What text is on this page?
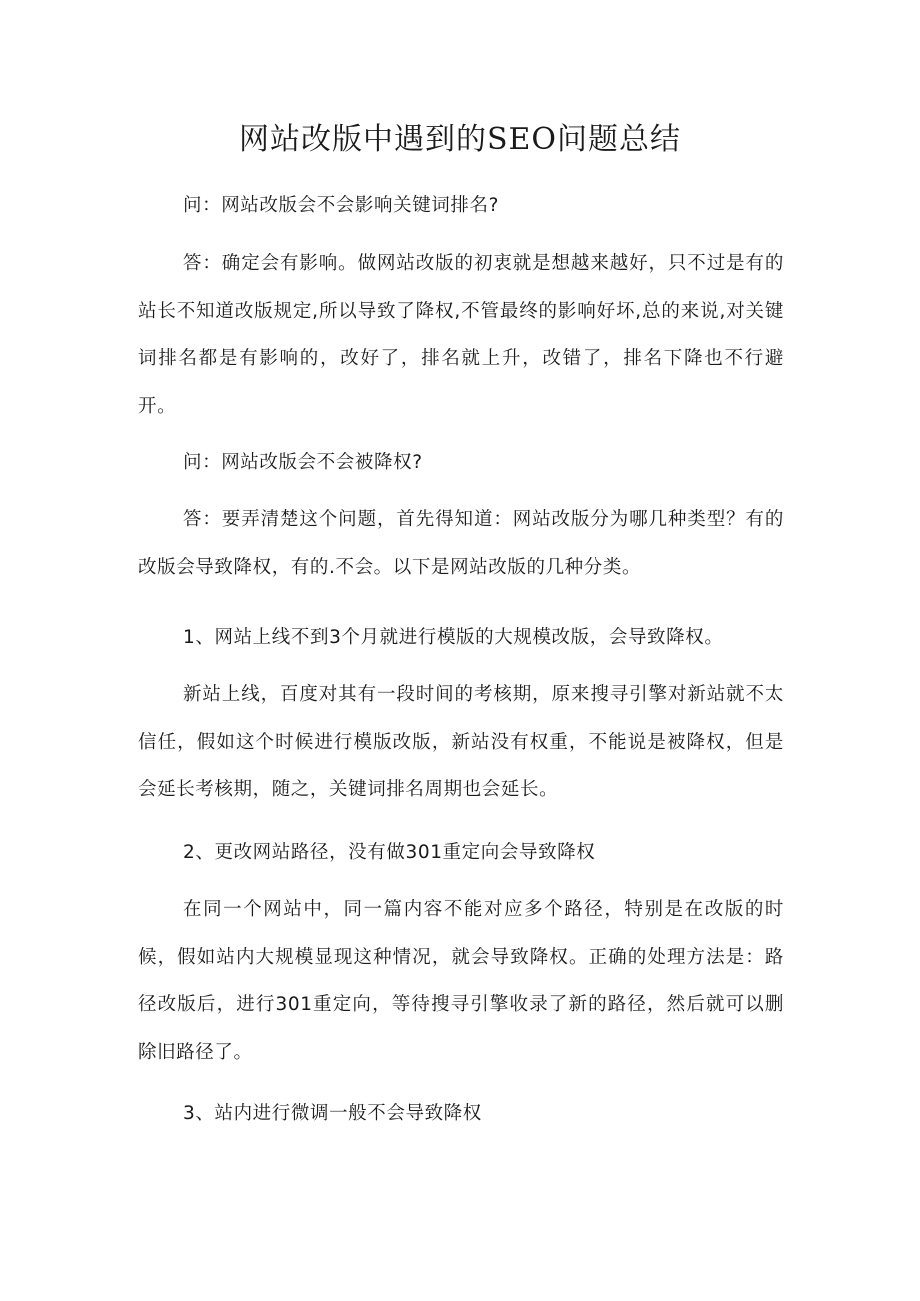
网站改版中遇到的SEO问题总结

问：网站改版会不会影响关键词排名?

答：确定会有影响。做网站改版的初衷就是想越来越好，只不过是有的站长不知道改版规定,所以导致了降权,不管最终的影响好坏,总的来说,对关键词排名都是有影响的，改好了，排名就上升，改错了，排名下降也不行避开。

问：网站改版会不会被降权?

答：要弄清楚这个问题，首先得知道：网站改版分为哪几种类型？有的改版会导致降权，有的.不会。以下是网站改版的几种分类。

1、网站上线不到3个月就进行模版的大规模改版，会导致降权。

新站上线，百度对其有一段时间的考核期，原来搜寻引擎对新站就不太信任，假如这个时候进行模版改版，新站没有权重，不能说是被降权，但是会延长考核期，随之，关键词排名周期也会延长。

2、更改网站路径，没有做301重定向会导致降权

在同一个网站中，同一篇内容不能对应多个路径，特别是在改版的时候，假如站内大规模显现这种情况，就会导致降权。正确的处理方法是：路径改版后，进行301重定向，等待搜寻引擎收录了新的路径，然后就可以删除旧路径了。

3、站内进行微调一般不会导致降权
